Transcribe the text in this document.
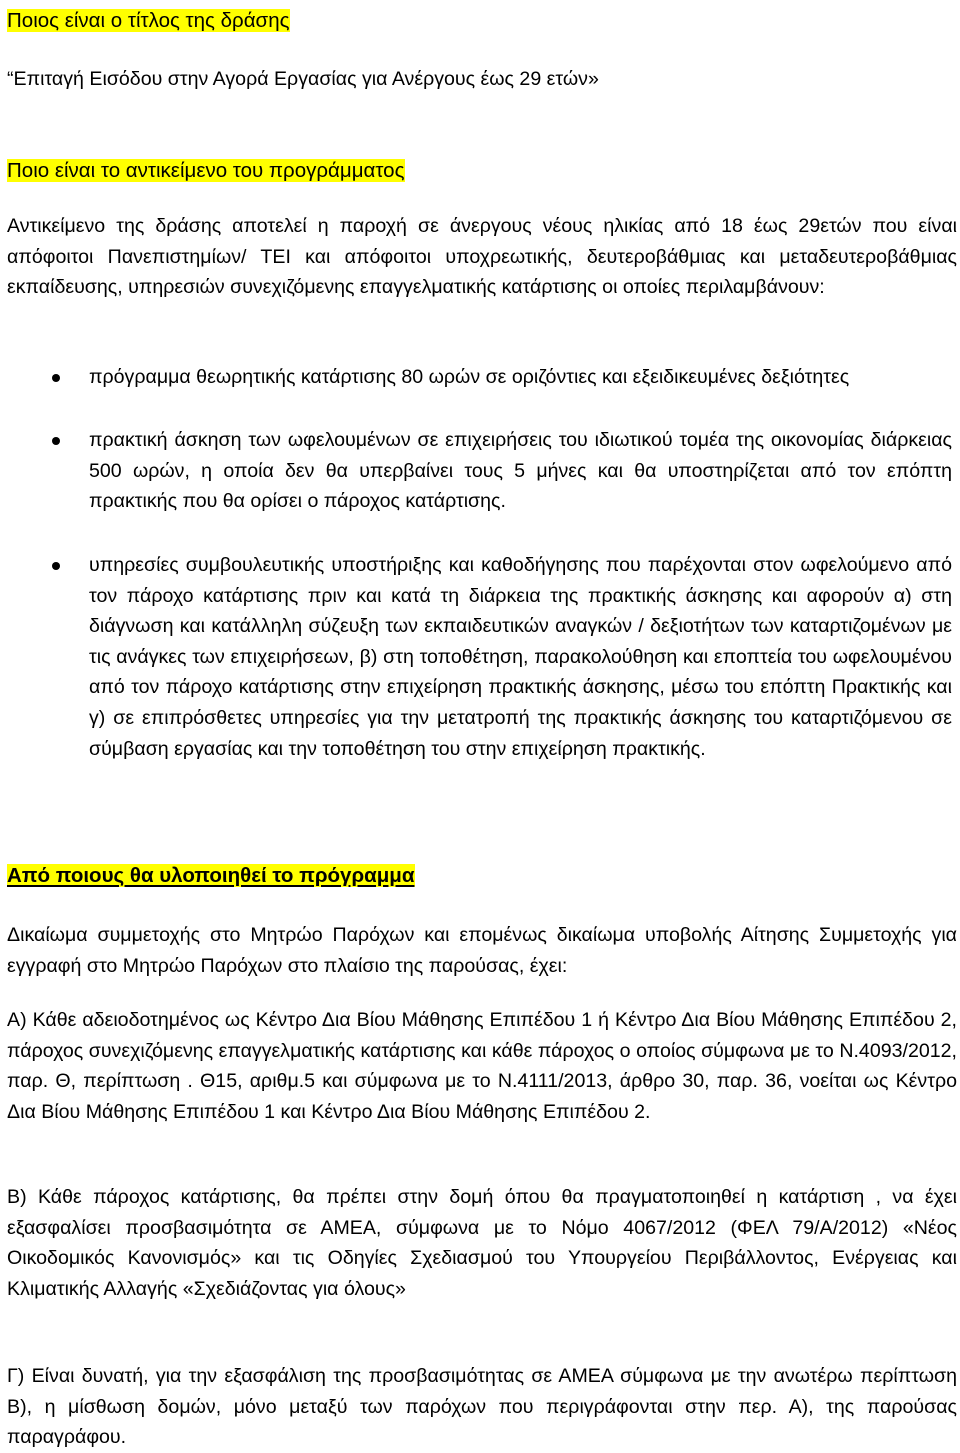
Ποιος είναι ο τίτλος της δράσης

“Επιταγή Εισόδου στην Αγορά Εργασίας για Ανέργους έως 29 ετών»

Ποιο είναι το αντικείμενο του προγράμματος

Αντικείμενο της δράσης αποτελεί η παροχή σε άνεργους νέους ηλικίας από 18 έως 29ετών που είναι απόφοιτοι Πανεπιστημίων/ ΤΕΙ και απόφοιτοι υποχρεωτικής, δευτεροβάθμιας και μεταδευτεροβάθμιας εκπαίδευσης, υπηρεσιών συνεχιζόμενης επαγγελματικής κατάρτισης οι οποίες περιλαμβάνουν:

πρόγραμμα θεωρητικής κατάρτισης 80 ωρών σε οριζόντιες και εξειδικευμένες δεξιότητες

πρακτική άσκηση των ωφελουμένων σε επιχειρήσεις του ιδιωτικού τομέα της οικονομίας διάρκειας 500 ωρών, η οποία δεν θα υπερβαίνει τους 5 μήνες και θα υποστηρίζεται από τον επόπτη πρακτικής που θα ορίσει ο πάροχος κατάρτισης.

υπηρεσίες συμβουλευτικής υποστήριξης και καθοδήγησης που παρέχονται στον ωφελούμενο από τον πάροχο κατάρτισης πριν και κατά τη διάρκεια της πρακτικής άσκησης και αφορούν α) στη διάγνωση και κατάλληλη σύζευξη των εκπαιδευτικών αναγκών / δεξιοτήτων των καταρτιζομένων με τις ανάγκες των επιχειρήσεων, β) στη τοποθέτηση, παρακολούθηση και εποπτεία του ωφελουμένου από τον πάροχο κατάρτισης στην επιχείρηση πρακτικής άσκησης, μέσω του επόπτη Πρακτικής και γ) σε επιπρόσθετες υπηρεσίες για την μετατροπή της πρακτικής άσκησης του καταρτιζόμενου σε σύμβαση εργασίας και την τοποθέτηση του στην επιχείρηση πρακτικής.

Από ποιους θα υλοποιηθεί το πρόγραμμα

Δικαίωμα συμμετοχής στο Μητρώο Παρόχων και επομένως δικαίωμα υποβολής Αίτησης Συμμετοχής για εγγραφή στο Μητρώο Παρόχων στο πλαίσιο της παρούσας, έχει:

Α) Κάθε αδειοδοτημένος ως Κέντρο Δια Βίου Μάθησης Επιπέδου 1 ή Κέντρο Δια Βίου Μάθησης Επιπέδου 2, πάροχος συνεχιζόμενης επαγγελματικής κατάρτισης και κάθε πάροχος ο οποίος σύμφωνα με το Ν.4093/2012, παρ. Θ, περίπτωση . Θ15, αριθμ.5 και σύμφωνα με το Ν.4111/2013, άρθρο 30, παρ. 36, νοείται ως Κέντρο Δια Βίου Μάθησης Επιπέδου 1 και Κέντρο Δια Βίου Μάθησης Επιπέδου 2.

Β) Κάθε πάροχος κατάρτισης, θα πρέπει στην δομή όπου θα πραγματοποιηθεί η κατάρτιση , να έχει εξασφαλίσει προσβασιμότητα σε ΑΜΕΑ, σύμφωνα με το Νόμο 4067/2012 (ΦΕΛ 79/Α/2012) «Νέος Οικοδομικός Κανονισμός» και τις Οδηγίες Σχεδιασμού του Υπουργείου Περιβάλλοντος, Ενέργειας και Κλιματικής Αλλαγής «Σχεδιάζοντας για όλους»

Γ) Είναι δυνατή, για την εξασφάλιση της προσβασιμότητας σε ΑΜΕΑ σύμφωνα με την ανωτέρω περίπτωση Β), η μίσθωση δομών, μόνο μεταξύ των παρόχων που περιγράφονται στην περ. Α), της παρούσας παραγράφου.
